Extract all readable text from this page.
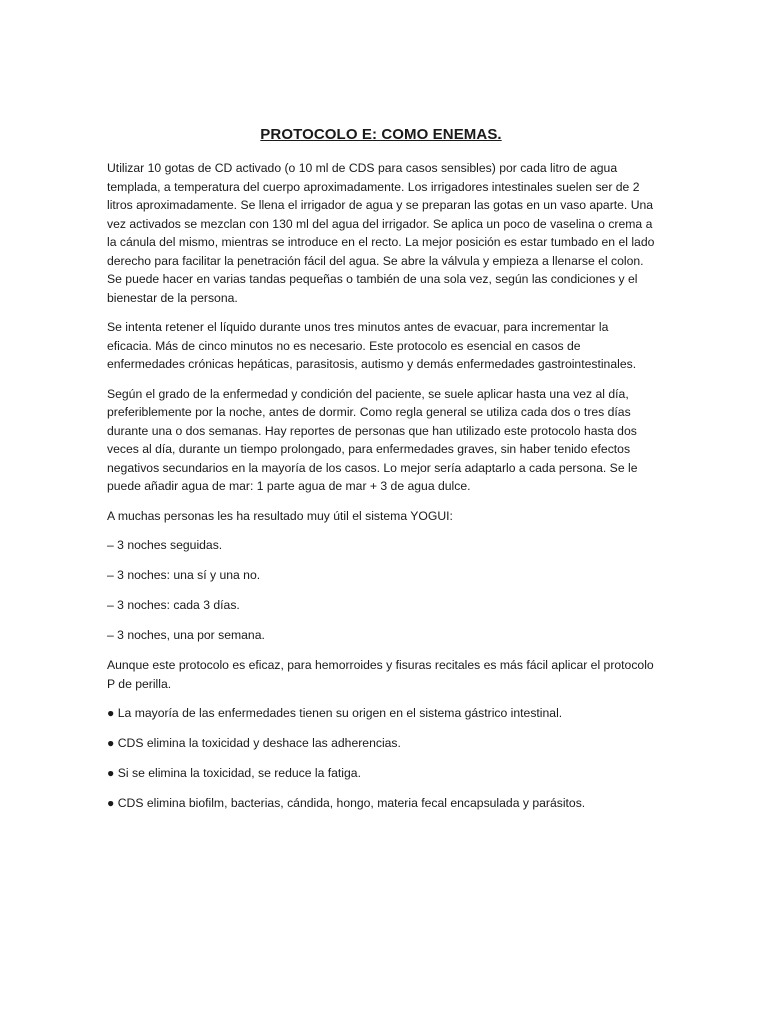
PROTOCOLO E: COMO ENEMAS.

Utilizar 10 gotas de CD activado (o 10 ml de CDS para casos sensibles) por cada litro de agua templada, a temperatura del cuerpo aproximadamente. Los irrigadores intestinales suelen ser de 2 litros aproximadamente. Se llena el irrigador de agua y se preparan las gotas en un vaso aparte. Una vez activados se mezclan con 130 ml del agua del irrigador. Se aplica un poco de vaselina o crema a la cánula del mismo, mientras se introduce en el recto. La mejor posición es estar tumbado en el lado derecho para facilitar la penetración fácil del agua. Se abre la válvula y empieza a llenarse el colon. Se puede hacer en varias tandas pequeñas o también de una sola vez, según las condiciones y el bienestar de la persona.

Se intenta retener el líquido durante unos tres minutos antes de evacuar, para incrementar la eficacia. Más de cinco minutos no es necesario. Este protocolo es esencial en casos de enfermedades crónicas hepáticas, parasitosis, autismo y demás enfermedades gastrointestinales.

Según el grado de la enfermedad y condición del paciente, se suele aplicar hasta una vez al día, preferiblemente por la noche, antes de dormir. Como regla general se utiliza cada dos o tres días durante una o dos semanas. Hay reportes de personas que han utilizado este protocolo hasta dos veces al día, durante un tiempo prolongado, para enfermedades graves, sin haber tenido efectos negativos secundarios en la mayoría de los casos. Lo mejor sería adaptarlo a cada persona. Se le puede añadir agua de mar: 1 parte agua de mar + 3 de agua dulce.

A muchas personas les ha resultado muy útil el sistema YOGUI:

– 3 noches seguidas.

– 3 noches: una sí y una no.

– 3 noches: cada 3 días.

– 3 noches, una por semana.

Aunque este protocolo es eficaz, para hemorroides y fisuras recitales es más fácil aplicar el protocolo P de perilla.

● La mayoría de las enfermedades tienen su origen en el sistema gástrico intestinal.

● CDS elimina la toxicidad y deshace las adherencias.

● Si se elimina la toxicidad, se reduce la fatiga.

● CDS elimina biofilm, bacterias, cándida, hongo, materia fecal encapsulada y parásitos.
